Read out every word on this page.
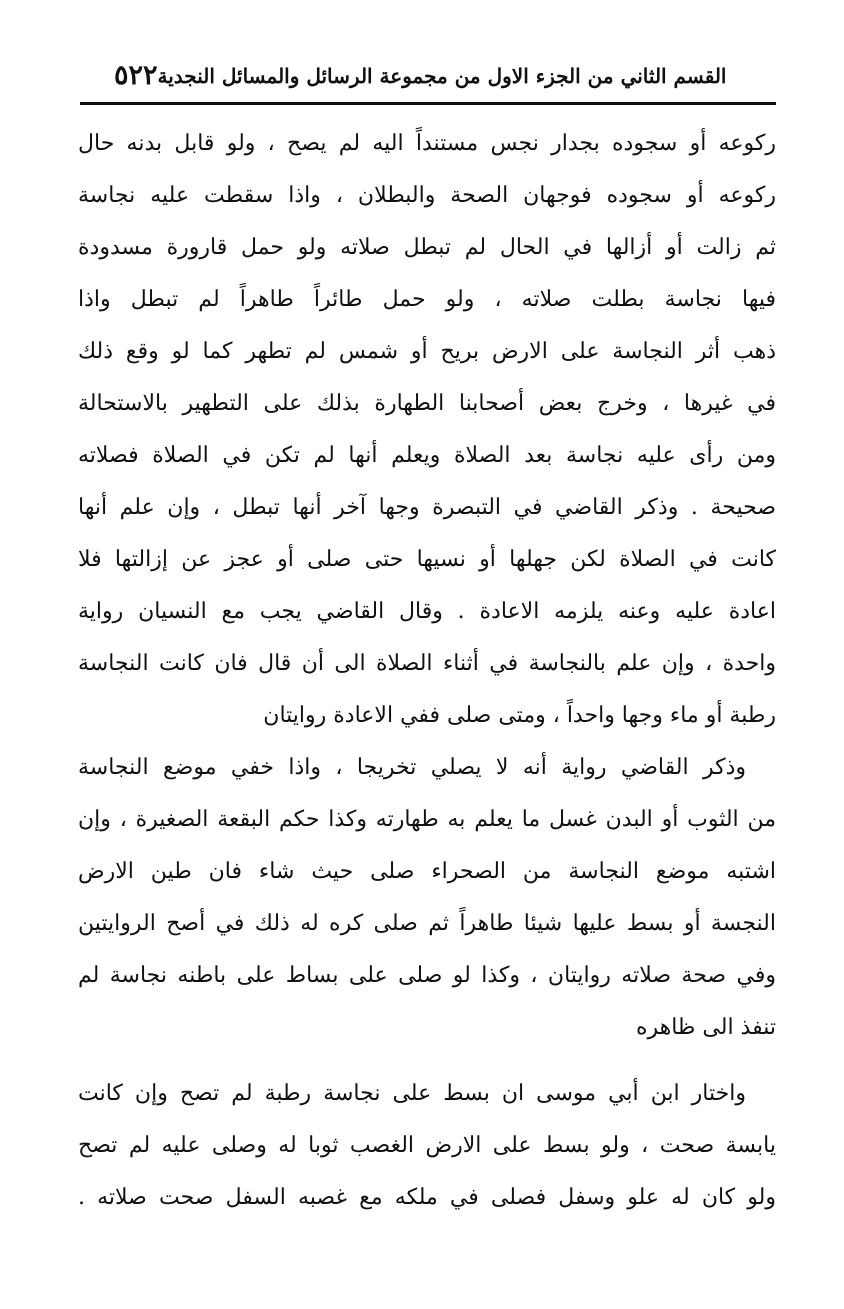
٥٢٢ القسم الثاني من الجزء الاول من مجموعة الرسائل والمسائل النجدية
ركوعه أو سجوده بجدار نجس مستنداً اليه لم يصح ، ولو قابل بدنه حال
ركوعه أو سجوده فوجهان الصحة والبطلان ، واذا سقطت عليه نجاسة
ثم زالت أو أزالها في الحال لم تبطل صلاته ولو حمل قارورة مسدودة
فيها نجاسة بطلت صلاته ، ولو حمل طائراً طاهراً لم تبطل واذا
ذهب أثر النجاسة على الارض بريح أو شمس لم تطهر كما لو وقع ذلك
في غيرها ، وخرج بعض أصحابنا الطهارة بذلك على التطهير بالاستحالة
ومن رأى عليه نجاسة بعد الصلاة ويعلم أنها لم تكن في الصلاة فصلاته
صحيحة . وذكر القاضي في التبصرة وجها آخر أنها تبطل ، وإن علم أنها
كانت في الصلاة لكن جهلها أو نسيها حتى صلى أو عجز عن إزالتها فلا
اعادة عليه وعنه يلزمه الاعادة . وقال القاضي يجب مع النسيان رواية
واحدة ، وإن علم بالنجاسة في أثناء الصلاة الى أن قال فان كانت النجاسة
رطبة أو ماء وجها واحداً ، ومتى صلى ففي الاعادة روايتان
وذكر القاضي رواية أنه لا يصلي تخريجا ، واذا خفي موضع النجاسة
من الثوب أو البدن غسل ما يعلم به طهارته وكذا حكم البقعة الصغيرة ، وإن
اشتبه موضع النجاسة من الصحراء صلى حيث شاء فان طين الارض
النجسة أو بسط عليها شيئا طاهراً ثم صلى كره له ذلك في أصح الروايتين
وفي صحة صلاته روايتان ، وكذا لو صلى على بساط على باطنه نجاسة لم
تنفذ الى ظاهره
واختار ابن أبي موسى ان بسط على نجاسة رطبة لم تصح وإن كانت
يابسة صحت ، ولو بسط على الارض الغصب ثوبا له وصلى عليه لم تصح
ولو كان له علو وسفل فصلى في ملكه مع غصبه السفل صحت صلاته .
